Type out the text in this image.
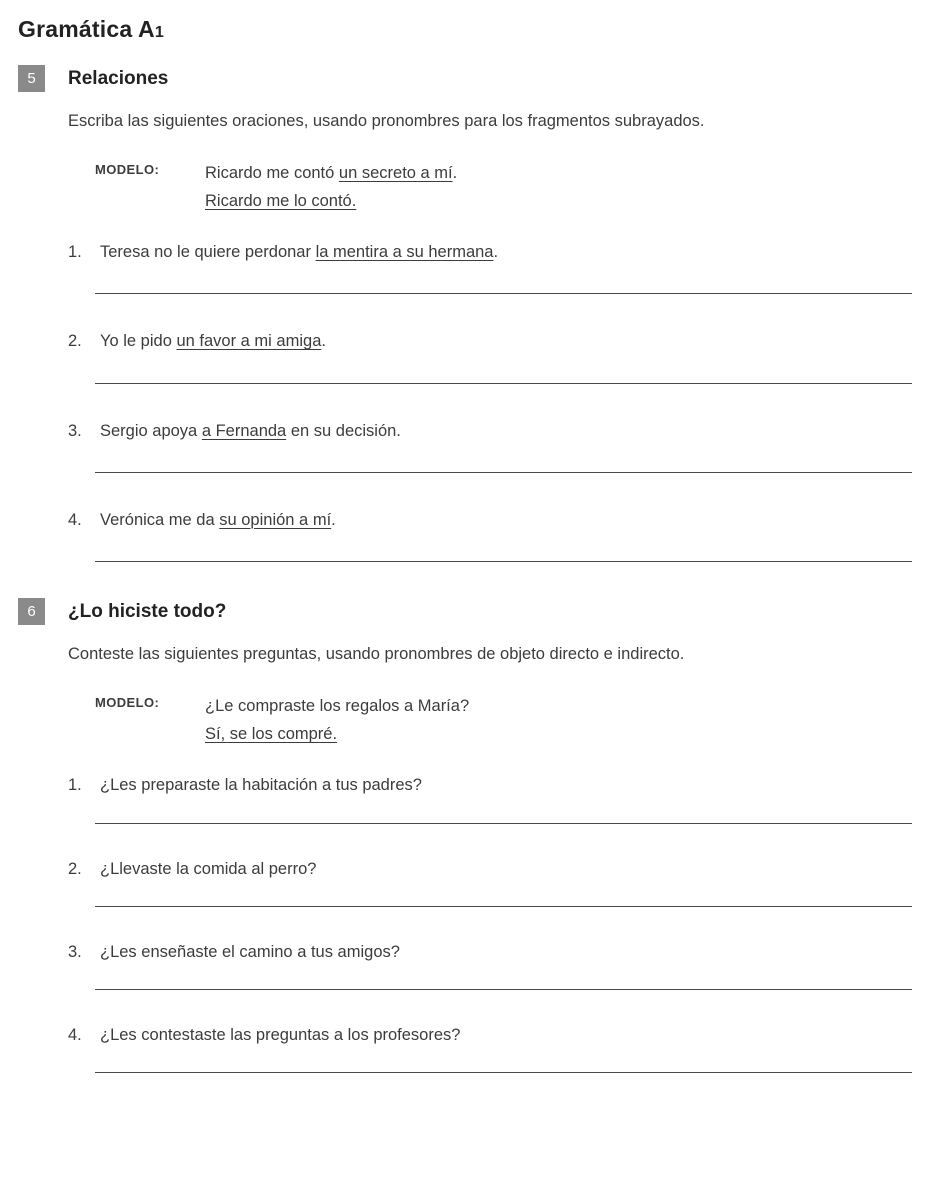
Gramática A1
5	Relaciones

Escriba las siguientes oraciones, usando pronombres para los fragmentos subrayados.

MODELO:	Ricardo me contó un secreto a mí.

Ricardo me lo contó.

1.	Teresa no le quiere perdonar la mentira a su hermana.
2.	Yo le pido un favor a mi amiga.
3.	Sergio apoya a Fernanda en su decisión.
4.	Verónica me da su opinión a mí.
6	¿Lo hiciste todo?

Conteste las siguientes preguntas, usando pronombres de objeto directo e indirecto.

MODELO:	¿Le compraste los regalos a María?

Sí, se los compré.

1.	¿Les preparaste la habitación a tus padres?
2.	¿Llevaste la comida al perro?
3.	¿Les enseñaste el camino a tus amigos?
4.	¿Les contestaste las preguntas a los profesores?
